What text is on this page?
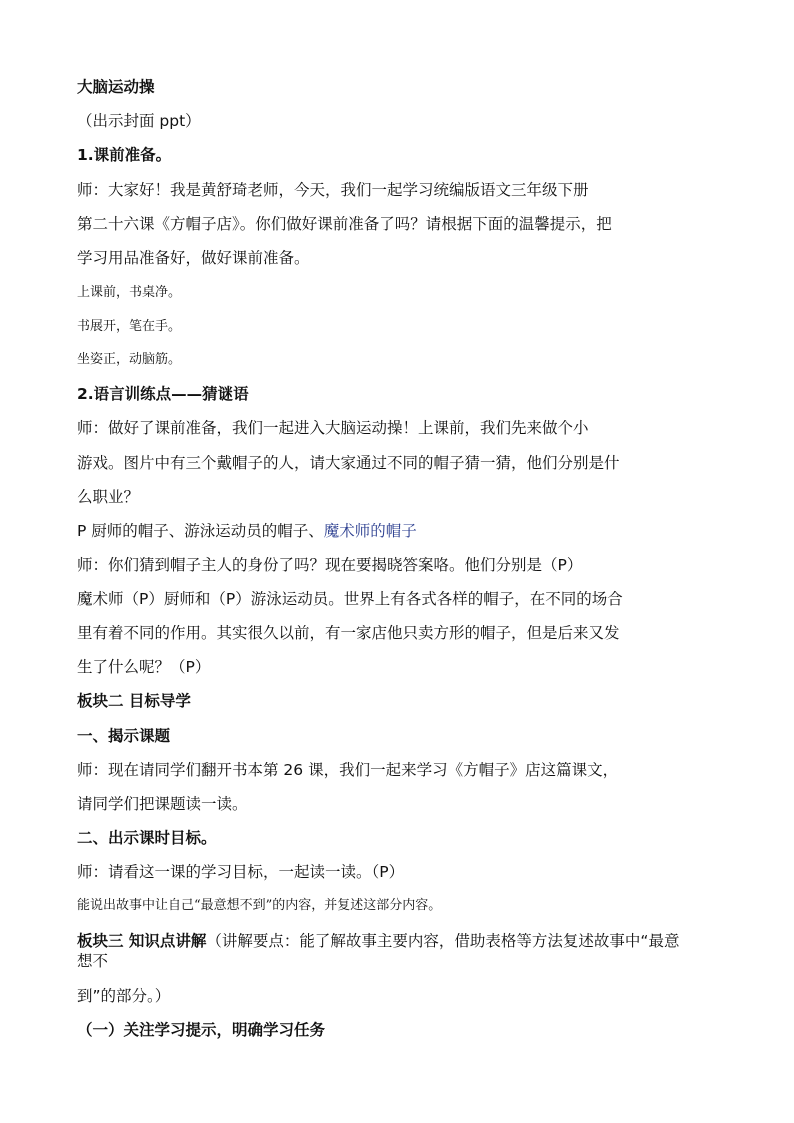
大脑运动操
（出示封面 ppt）
1.课前准备。
师：大家好！我是黄舒琦老师，今天，我们一起学习统编版语文三年级下册
第二十六课《方帽子店》。你们做好课前准备了吗？请根据下面的温馨提示，把
学习用品准备好，做好课前准备。
上课前，书桌净。
书展开，笔在手。
坐姿正，动脑筋。
2.语言训练点——猜谜语
师：做好了课前准备，我们一起进入大脑运动操！上课前，我们先来做个小
游戏。图片中有三个戴帽子的人，请大家通过不同的帽子猜一猜，他们分别是什
么职业？
P 厨师的帽子、游泳运动员的帽子、魔术师的帽子
师：你们猜到帽子主人的身份了吗？现在要揭晓答案咯。他们分别是（P）
魔术师（P）厨师和（P）游泳运动员。世界上有各式各样的帽子，在不同的场合
里有着不同的作用。其实很久以前，有一家店他只卖方形的帽子，但是后来又发
生了什么呢？（P）
板块二 目标导学
一、揭示课题
师：现在请同学们翻开书本第 26 课，我们一起来学习《方帽子》店这篇课文，
请同学们把课题读一读。
二、出示课时目标。
师：请看这一课的学习目标，一起读一读。（P）
能说出故事中让自己“最意想不到”的内容，并复述这部分内容。
板块三 知识点讲解（讲解要点：能了解故事主要内容，借助表格等方法复述故事中“最意
想不
到”的部分。）
（一）关注学习提示，明确学习任务
